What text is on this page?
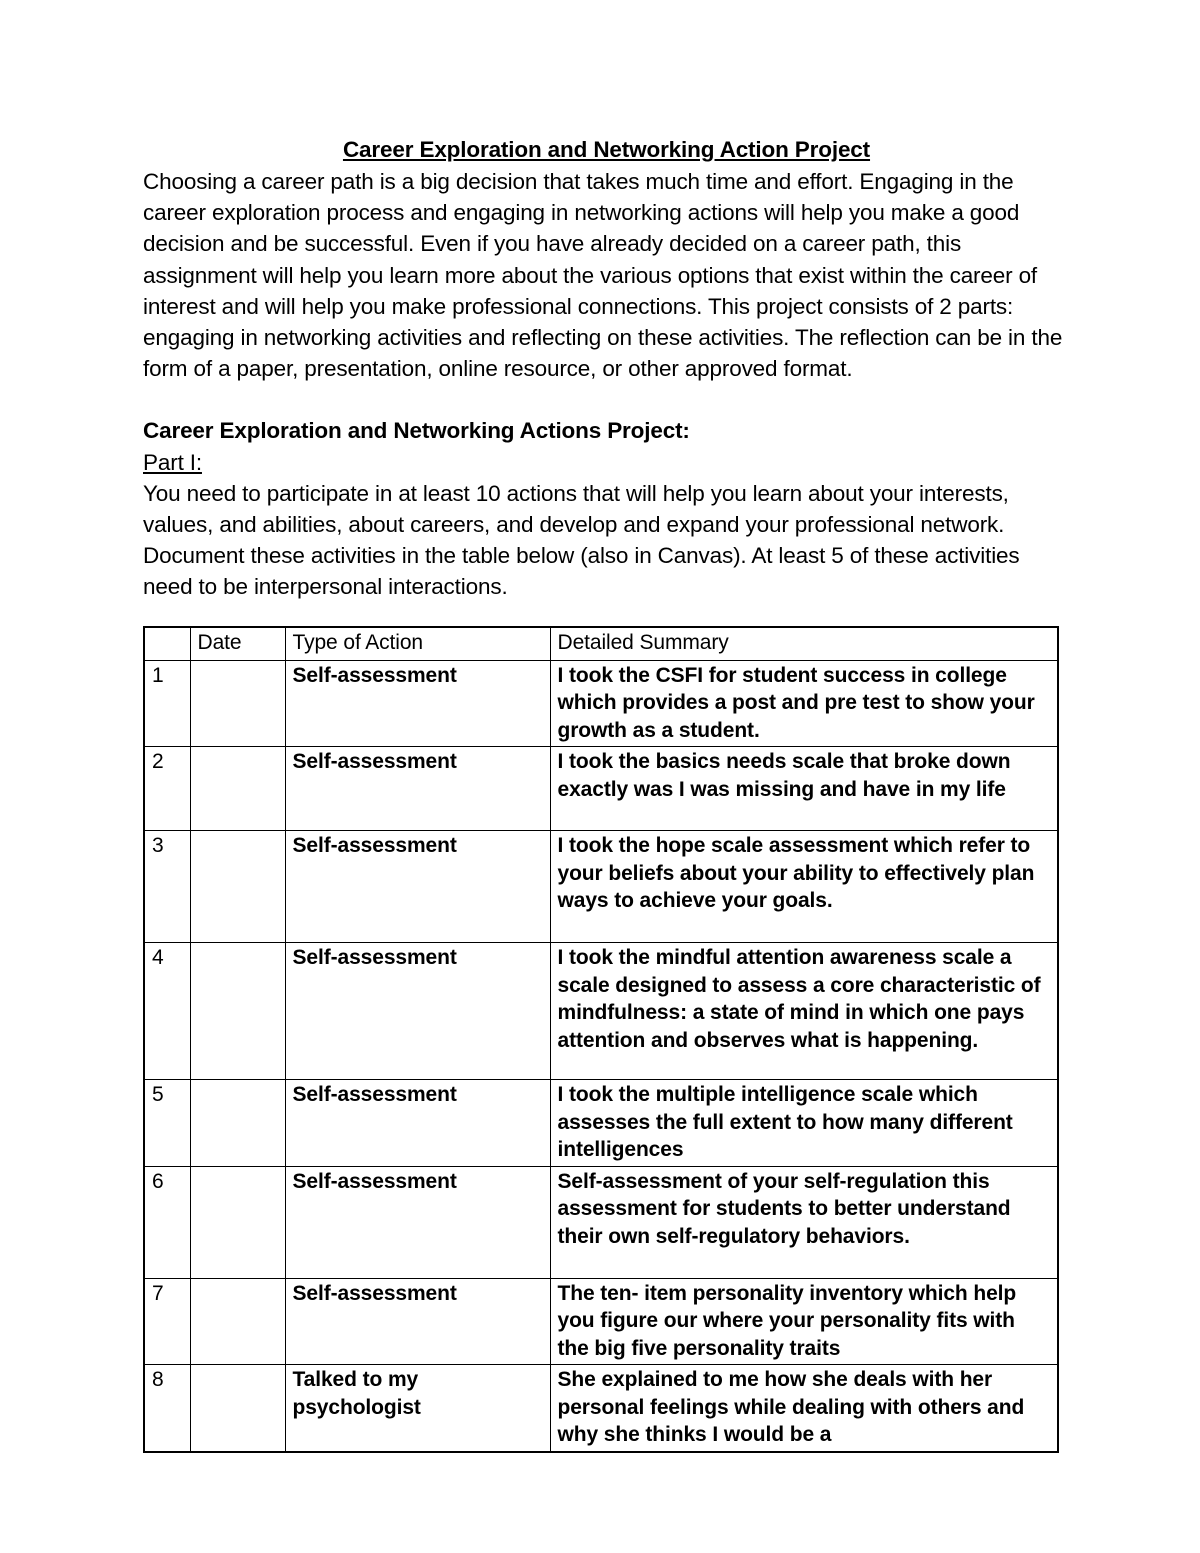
Career Exploration and Networking Action Project

Choosing a career path is a big decision that takes much time and effort. Engaging in the career exploration process and engaging in networking actions will help you make a good decision and be successful. Even if you have already decided on a career path, this assignment will help you learn more about the various options that exist within the career of interest and will help you make professional connections. This project consists of 2 parts: engaging in networking activities and reflecting on these activities. The reflection can be in the form of a paper, presentation, online resource, or other approved format.

Career Exploration and Networking Actions Project:

Part I:

You need to participate in at least 10 actions that will help you learn about your interests, values, and abilities, about careers, and develop and expand your professional network. Document these activities in the table below (also in Canvas). At least 5 of these activities need to be interpersonal interactions.

	Date	Type of Action	Detailed Summary
1		Self-assessment	I took the CSFI for student success in college which provides a post and pre test to show your growth as a student.
2		Self-assessment	I took the basics needs scale that broke down exactly was I was missing and have in my life
3		Self-assessment	I took the hope scale assessment which refer to your beliefs about your ability to effectively plan ways to achieve your goals.
4		Self-assessment	I took the mindful attention awareness scale a scale designed to assess a core characteristic of mindfulness: a state of mind in which one pays attention and observes what is happening.
5		Self-assessment	I took the multiple intelligence scale which assesses the full extent to how many different intelligences
6		Self-assessment	Self-assessment of your self-regulation this assessment for students to better understand their own self-regulatory behaviors.
7		Self-assessment	The ten- item personality inventory which help you figure our where your personality fits with the big five personality traits
8		Talked to my psychologist	She explained to me how she deals with her personal feelings while dealing with others and why she thinks I would be a
